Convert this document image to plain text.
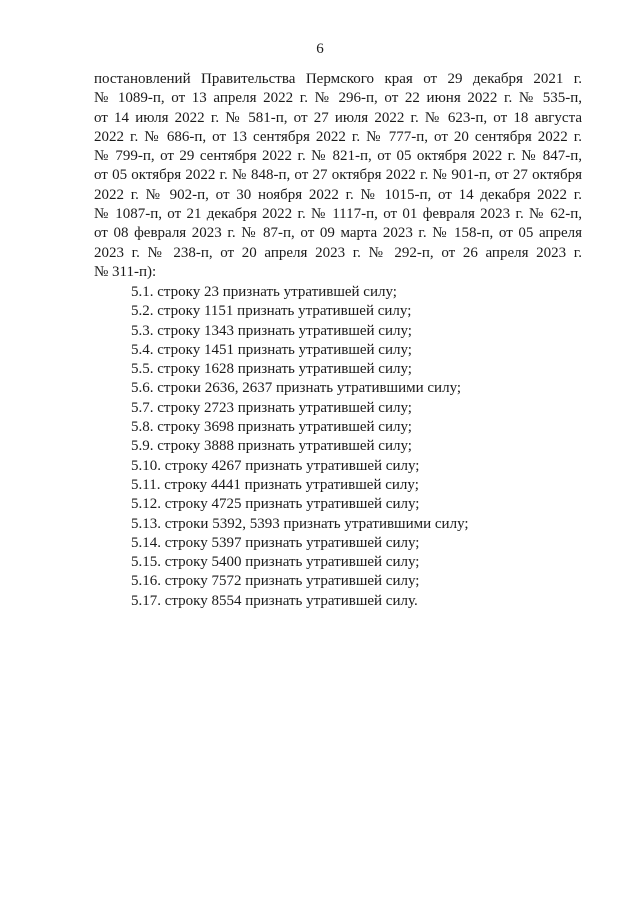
6
постановлений Правительства Пермского края от 29 декабря 2021 г.
№ 1089-п, от 13 апреля 2022 г. № 296-п, от 22 июня 2022 г. № 535-п,
от 14 июля 2022 г. № 581-п, от 27 июля 2022 г. № 623-п, от 18 августа
2022 г. № 686-п, от 13 сентября 2022 г. № 777-п, от 20 сентября 2022 г.
№ 799-п, от 29 сентября 2022 г. № 821-п, от 05 октября 2022 г. № 847-п,
от 05 октября 2022 г. № 848-п, от 27 октября 2022 г. № 901-п, от 27 октября
2022 г. № 902-п, от 30 ноября 2022 г. № 1015-п, от 14 декабря 2022 г.
№ 1087-п, от 21 декабря 2022 г. № 1117-п, от 01 февраля 2023 г. № 62-п,
от 08 февраля 2023 г. № 87-п, от 09 марта 2023 г. № 158-п, от 05 апреля
2023 г. № 238-п, от 20 апреля 2023 г. № 292-п, от 26 апреля 2023 г.
№ 311-п):
5.1. строку 23 признать утратившей силу;
5.2. строку 1151 признать утратившей силу;
5.3. строку 1343 признать утратившей силу;
5.4. строку 1451 признать утратившей силу;
5.5. строку 1628 признать утратившей силу;
5.6. строки 2636, 2637 признать утратившими силу;
5.7. строку 2723 признать утратившей силу;
5.8. строку 3698 признать утратившей силу;
5.9. строку 3888 признать утратившей силу;
5.10. строку 4267 признать утратившей силу;
5.11. строку 4441 признать утратившей силу;
5.12. строку 4725 признать утратившей силу;
5.13. строки 5392, 5393 признать утратившими силу;
5.14. строку 5397 признать утратившей силу;
5.15. строку 5400 признать утратившей силу;
5.16. строку 7572 признать утратившей силу;
5.17. строку 8554 признать утратившей силу.
